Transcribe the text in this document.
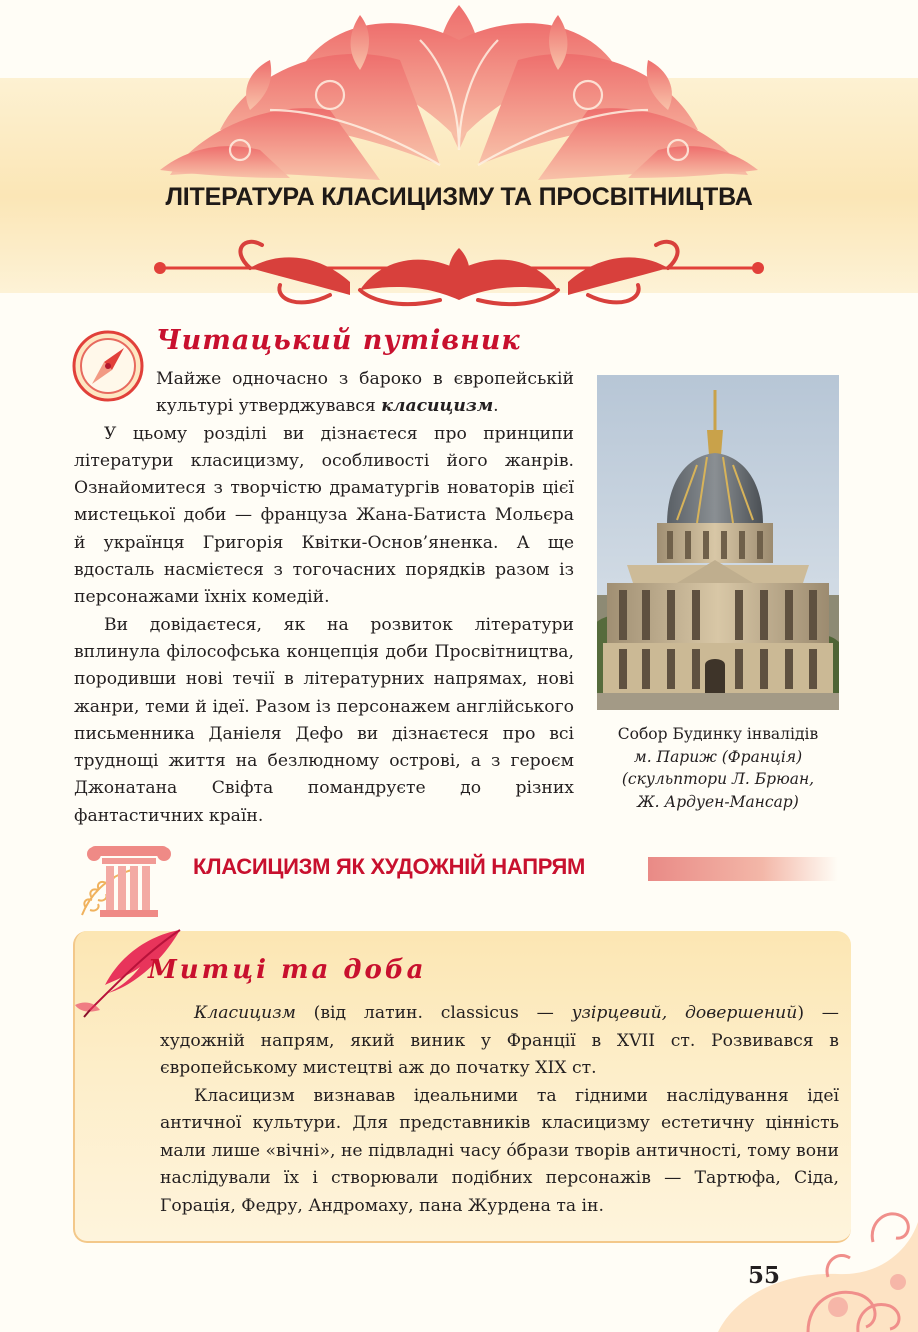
ЛІТЕРАТУРА КЛАСИЦИЗМУ ТА ПРОСВІТНИЦТВА
Читацький путівник

Майже одночасно з бароко в європейській культурі утверджувався класицизм.

У цьому розділі ви дізнаєтеся про принципи літератури класицизму, особливості його жанрів. Ознайомитеся з творчістю драматургів новаторів цієї мистецької доби — француза Жана-Батиста Мольєра й українця Григорія Квітки-Основ’яненка. А ще вдосталь насмієтеся з тогочасних порядків разом із персонажами їхніх комедій.

Ви довідаєтеся, як на розвиток літератури вплинула філософська концепція доби Просвітництва, породивши нові течії в літературних напрямах, нові жанри, теми й ідеї. Разом із персонажем англійського письменника Даніеля Дефо ви дізнаєтеся про всі труднощі життя на безлюдному острові, а з героєм Джонатана Свіфта помандруєте до різних фантастичних країн.

Собор Будинку інвалідів
м. Париж (Франція)
(скульптори Л. Брюан,
Ж. Ардуен-Мансар)
КЛАСИЦИЗМ ЯК ХУДОЖНІЙ НАПРЯМ
Митці та доба

Класицизм (від латин. classicus — узірцевий, довершений) — художній напрям, який виник у Франції в XVII ст. Розвивався в європейському мистецтві аж до початку XIX ст.

Класицизм визнавав ідеальними та гідними наслідування ідеї античної культури. Для представників класицизму естетичну цінність мали лише «вічні», не підвладні часу óбрази творів античності, тому вони наслідували їх і створювали подібних персонажів — Тартюфа, Сіда, Горація, Федру, Андромаху, пана Журдена та ін.

55
